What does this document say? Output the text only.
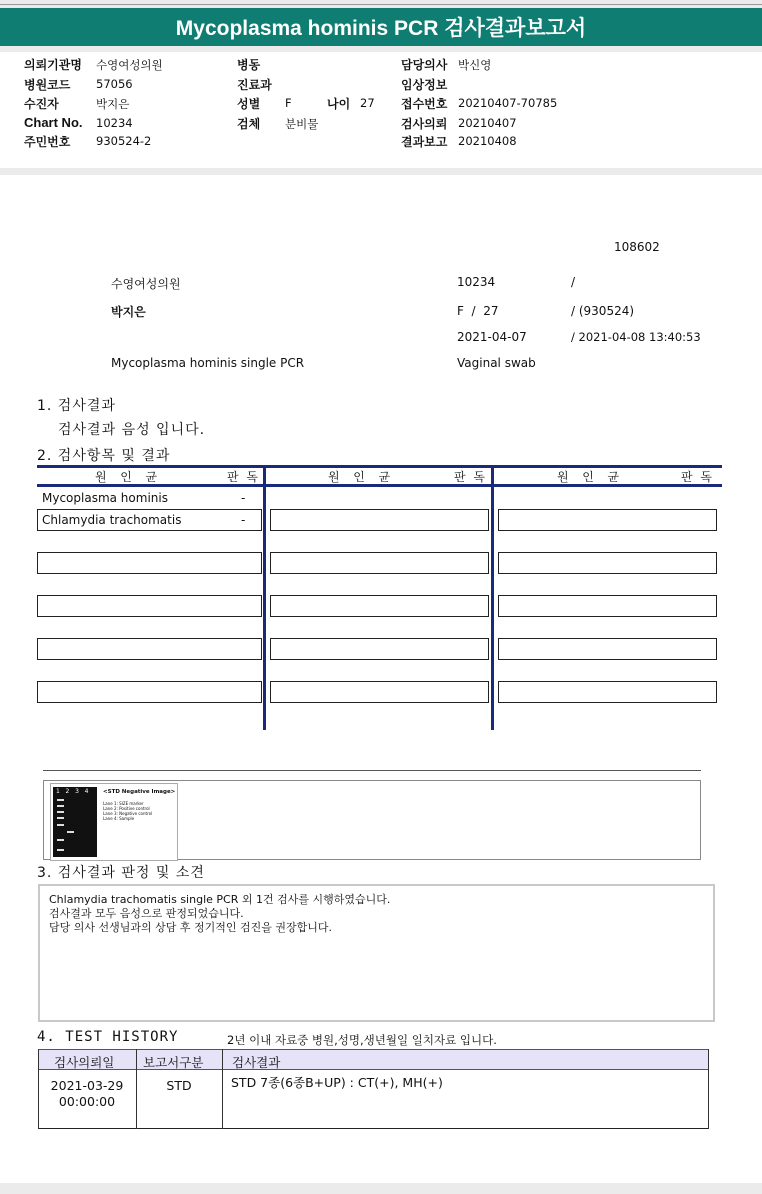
Mycoplasma hominis PCR 검사결과보고서
의뢰기관명 수영여성의원
병원코드 57056
수진자	박지은
Chart No. 10234
주민번호 930524-2
병동
진료과
성별 F	나이 27
검체 분비물
담당의사 박신영
임상정보
접수번호 20210407-70785
검사의뢰 20210407
결과보고 20210408
108602
수영여성의원	10234	/
박지은	F  /  27	/ (930524)
2021-04-07	/ 2021-04-08 13:40:53
Mycoplasma hominis single PCR	Vaginal swab
1. 검사결과
검사결과 음성 입니다.
2. 검사항목 및 결과
원  인  균	판 독	원  인  균	판 독	원  인  균	판 독
Mycoplasma hominis	-
Chlamydia trachomatis	-
1   2   3   4	<STD Negative Image>
Lane 1: SIZE marker
Lane 2: Positive control
Lane 3: Negative control
Lane 4: Sample
3. 검사결과 판정 및 소견
Chlamydia trachomatis single PCR 외 1건 검사를 시행하였습니다.
검사결과 모두 음성으로 판정되었습니다.
담당 의사 선생님과의 상담 후 정기적인 검진을 권장합니다.
4. TEST HISTORY	2년 이내 자료중 병원,성명,생년월일 일치자료 입니다.
검사의뢰일 보고서구분 검사결과
2021-03-29
00:00:00
STD	STD 7종(6종B+UP) : CT(+), MH(+)
